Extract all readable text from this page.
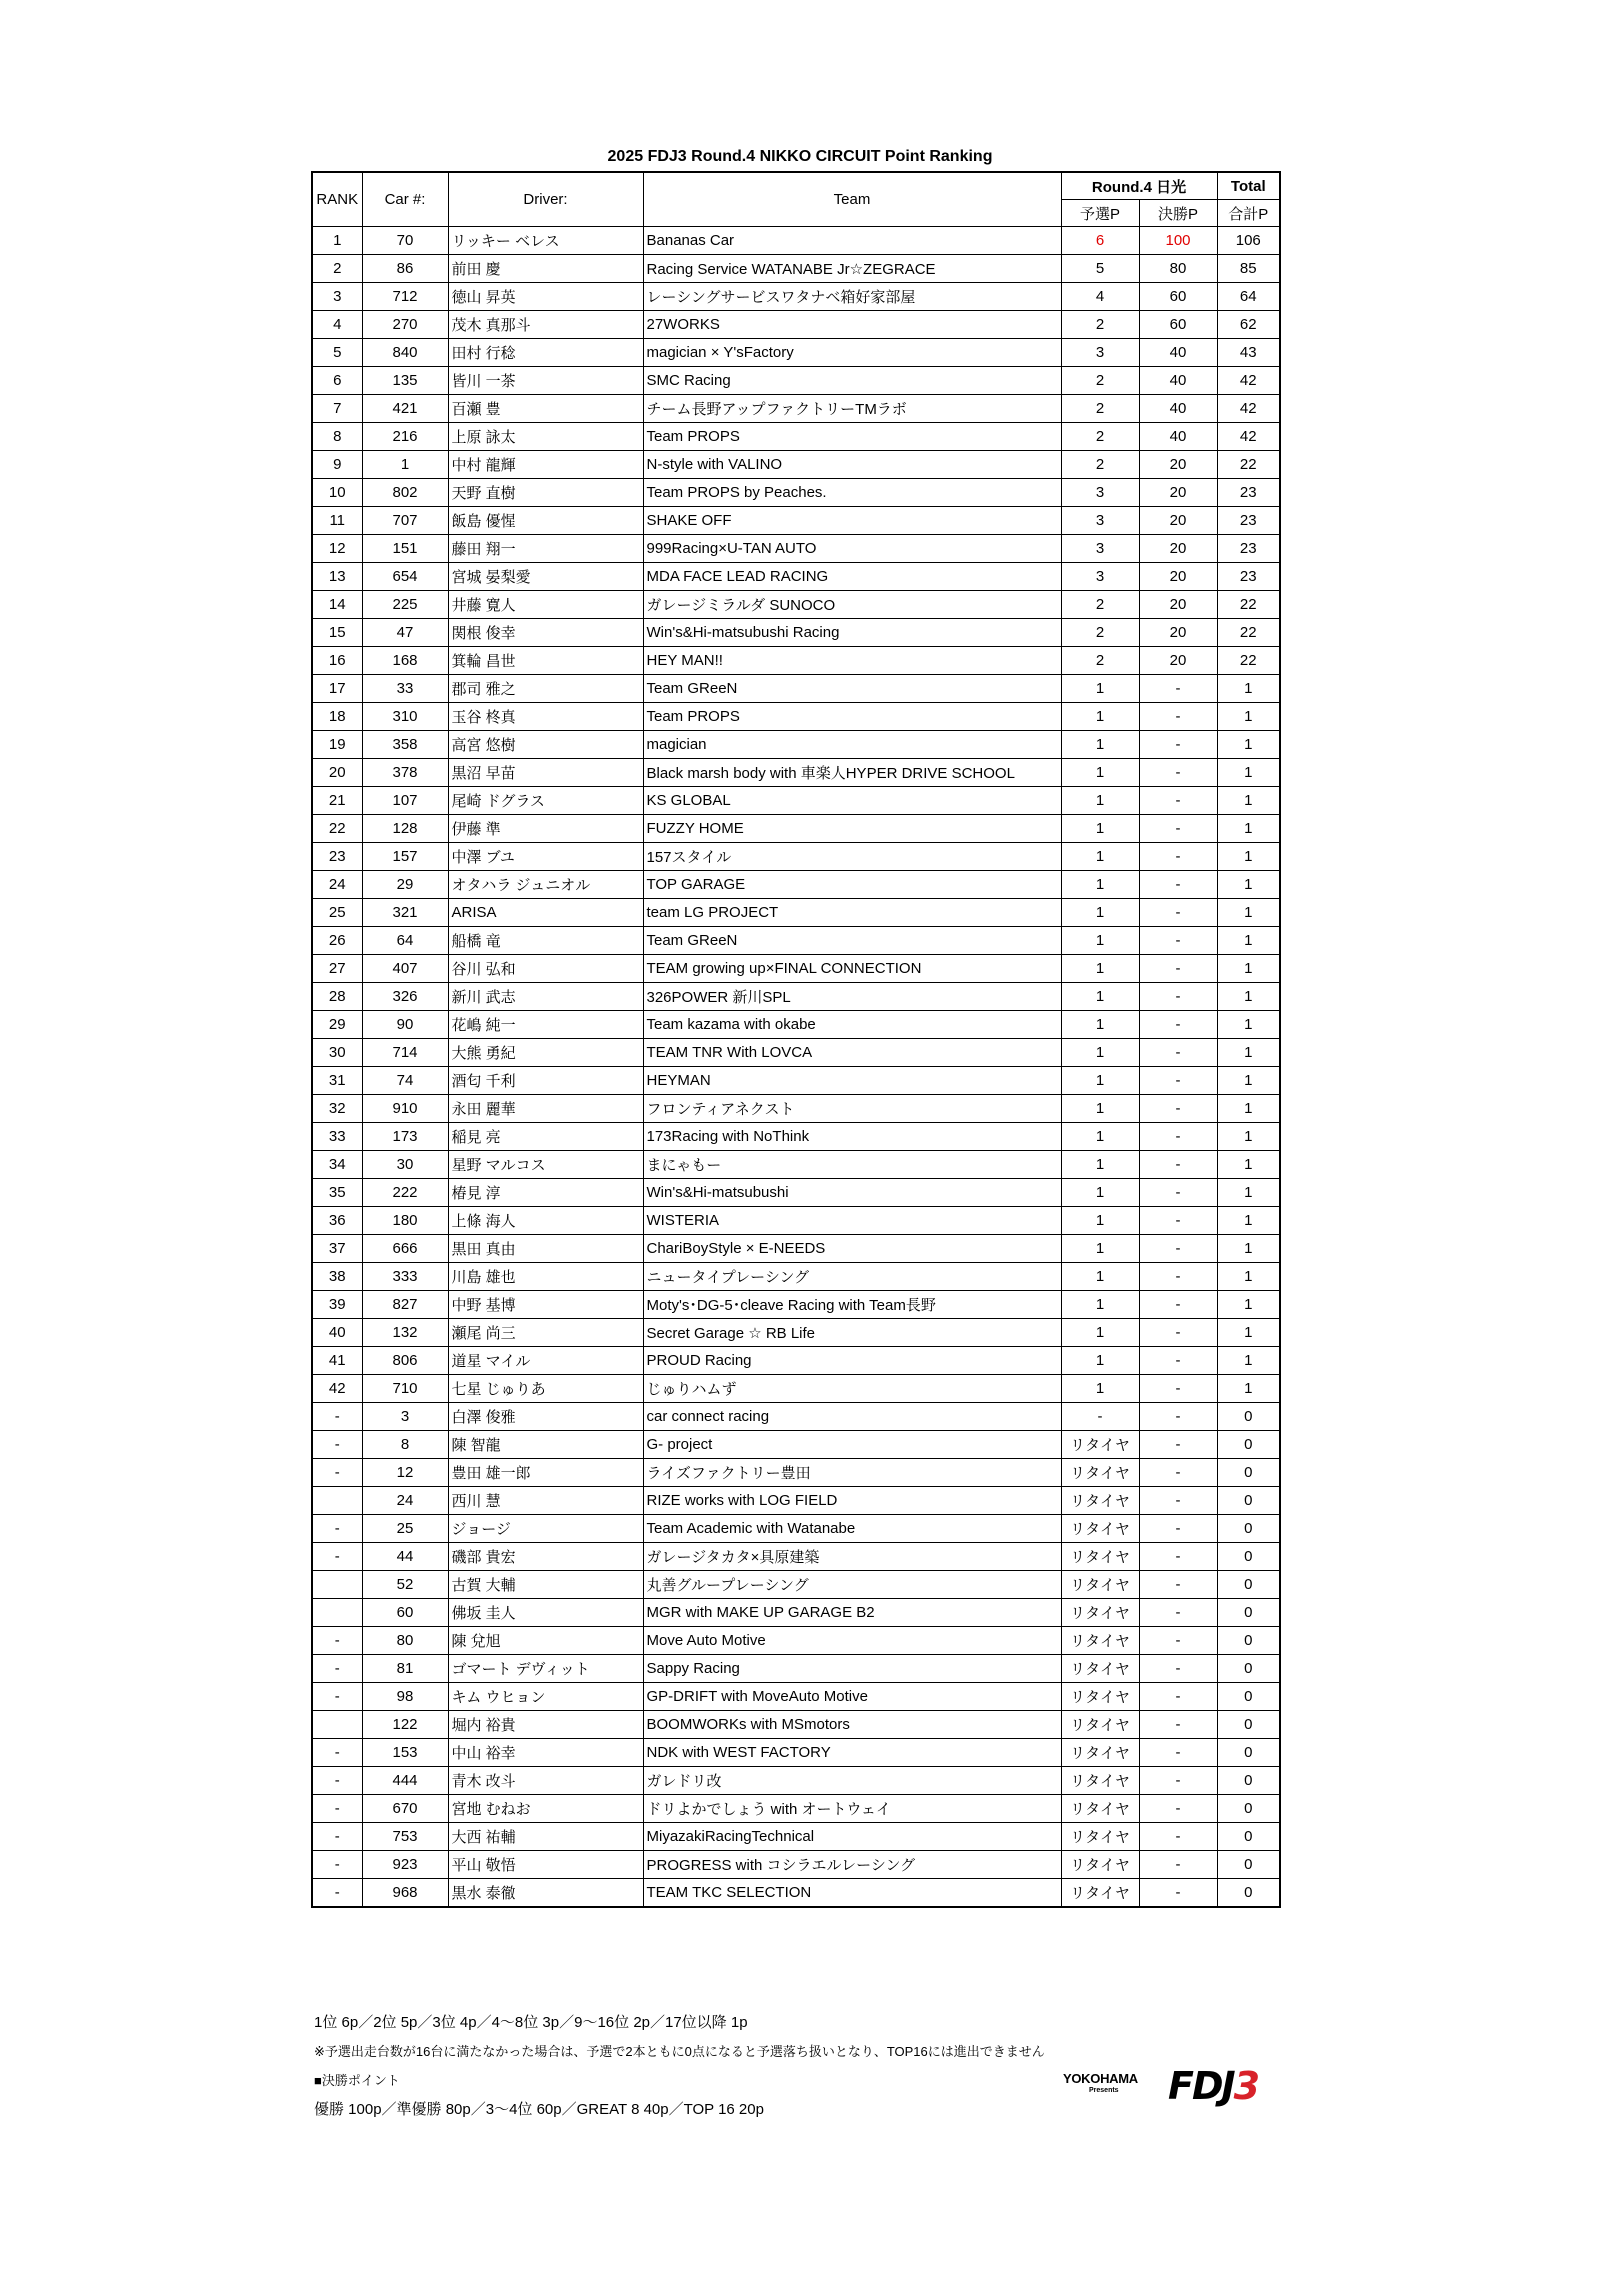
2025 FDJ3 Round.4 NIKKO CIRCUIT Point Ranking
RANK	Car #:	Driver:	Team	Round.4 日光		Total
				予選P	決勝P	合計P
1	70	リッキー ベレス	Bananas Car	6	100	106
2	86	前田 慶	Racing Service WATANABE Jr☆ZEGRACE	5	80	85
3	712	徳山 昇英	レーシングサービスワタナベ箱好家部屋	4	60	64
4	270	茂木 真那斗	27WORKS	2	60	62
5	840	田村 行稔	magician × Y'sFactory	3	40	43
6	135	皆川 一茶	SMC Racing	2	40	42
7	421	百瀬 豊	チーム長野アップファクトリーTMラボ	2	40	42
8	216	上原 詠太	Team PROPS	2	40	42
9	1	中村 龍輝	N-style with VALINO	2	20	22
10	802	天野 直樹	Team PROPS by Peaches.	3	20	23
11	707	飯島 優惺	SHAKE OFF	3	20	23
12	151	藤田 翔一	999Racing×U-TAN AUTO	3	20	23
13	654	宮城 晏梨愛	MDA FACE LEAD RACING	3	20	23
14	225	井藤 寛人	ガレージミラルダ SUNOCO	2	20	22
15	47	関根 俊幸	Win's&Hi-matsubushi Racing	2	20	22
16	168	箕輪 昌世	HEY MAN!!	2	20	22
17	33	郡司 雅之	Team GReeN	1	-	1
18	310	玉谷 柊真	Team PROPS	1	-	1
19	358	高宮 悠樹	magician	1	-	1
20	378	黒沼 早苗	Black marsh body with 車楽人HYPER DRIVE SCHOOL	1	-	1
21	107	尾崎 ドグラス	KS GLOBAL	1	-	1
22	128	伊藤 準	FUZZY HOME	1	-	1
23	157	中澤 ブユ	157スタイル	1	-	1
24	29	オタハラ ジュニオル	TOP GARAGE	1	-	1
25	321	ARISA	team LG PROJECT	1	-	1
26	64	船橋 竜	Team GReeN	1	-	1
27	407	谷川 弘和	TEAM growing up×FINAL CONNECTION	1	-	1
28	326	新川 武志	326POWER 新川SPL	1	-	1
29	90	花嶋 純一	Team kazama with okabe	1	-	1
30	714	大熊 勇紀	TEAM TNR With LOVCA	1	-	1
31	74	酒匂 千利	HEYMAN	1	-	1
32	910	永田 麗華	フロンティアネクスト	1	-	1
33	173	稲見 亮	173Racing with NoThink	1	-	1
34	30	星野 マルコス	まにゃもー	1	-	1
35	222	椿見 淳	Win's&Hi-matsubushi	1	-	1
36	180	上條 海人	WISTERIA	1	-	1
37	666	黒田 真由	ChariBoyStyle × E-NEEDS	1	-	1
38	333	川島 雄也	ニュータイプレーシング	1	-	1
39	827	中野 基博	Moty's･DG-5･cleave Racing with Team長野	1	-	1
40	132	瀬尾 尚三	Secret Garage ☆ RB Life	1	-	1
41	806	道星 マイル	PROUD Racing	1	-	1
42	710	七星 じゅりあ	じゅりハムず	1	-	1
-	3	白澤 俊雅	car connect racing	-	-	0
-	8	陳 智龍	G- project	リタイヤ	-	0
-	12	豊田 雄一郎	ライズファクトリー豊田	リタイヤ	-	0
	24	西川 慧	RIZE works with LOG FIELD	リタイヤ	-	0
-	25	ジョージ	Team Academic with Watanabe	リタイヤ	-	0
-	44	磯部 貴宏	ガレージタカタ×具原建築	リタイヤ	-	0
	52	古賀 大輔	丸善グループレーシング	リタイヤ	-	0
	60	佛坂 圭人	MGR with MAKE UP GARAGE B2	リタイヤ	-	0
-	80	陳 兌旭	Move Auto Motive	リタイヤ	-	0
-	81	ゴマート デヴィット	Sappy Racing	リタイヤ	-	0
-	98	キム ウヒョン	GP-DRIFT with MoveAuto Motive	リタイヤ	-	0
	122	堀内 裕貴	BOOMWORKs with MSmotors	リタイヤ	-	0
-	153	中山 裕幸	NDK with WEST FACTORY	リタイヤ	-	0
-	444	青木 改斗	ガレドリ改	リタイヤ	-	0
-	670	宮地 むねお	ドリよかでしょう with オートウェイ	リタイヤ	-	0
-	753	大西 祐輔	MiyazakiRacingTechnical	リタイヤ	-	0
-	923	平山 敬悟	PROGRESS with コシラエルレーシング	リタイヤ	-	0
-	968	黒水 泰徹	TEAM TKC SELECTION	リタイヤ	-	0
1位 6p／2位 5p／3位 4p／4～8位 3p／9～16位 2p／17位以降 1p
※予選出走台数が16台に満たなかった場合は、予選で2本ともに0点になると予選落ち扱いとなり、TOP16には進出できません
■決勝ポイント
優勝 100p／準優勝 80p／3～4位 60p／GREAT 8 40p／TOP 16 20p
YOKOHAMA
Presents FDJ3
